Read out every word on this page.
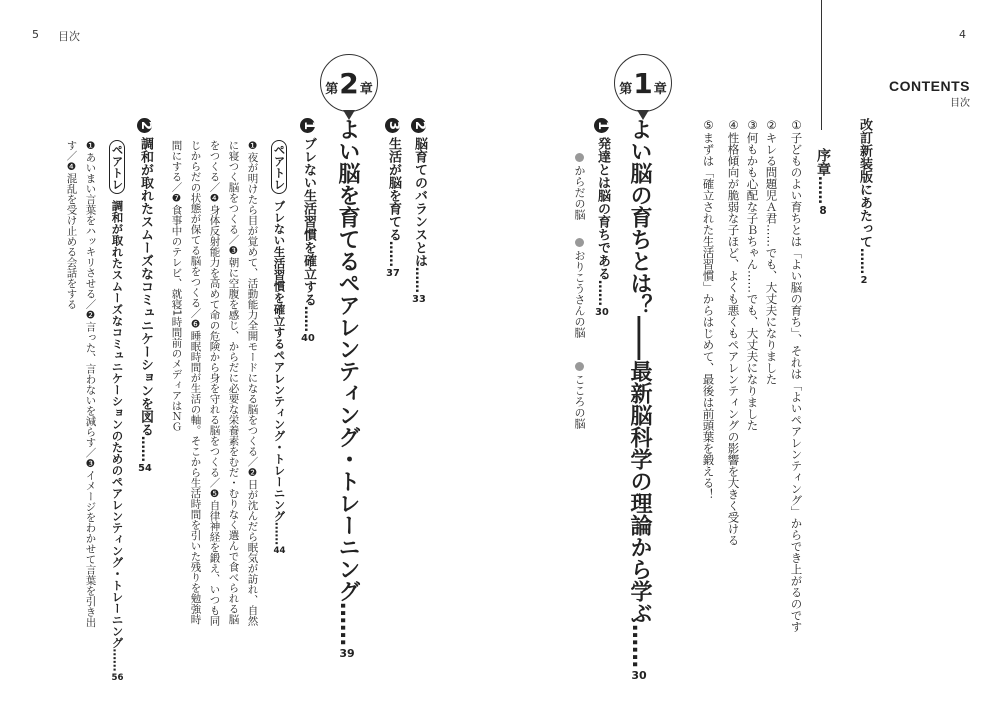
5 目次	4
CONTENTS
目次
改訂新装版にあたって……2
序章……8
①子どものよい育ちとは「よい脳の育ち」、それは「よいペアレンティング」からでき上がるのです
②キレる問題児Ａ君……でも、大丈夫になりました
③何もかも心配な子Ｂちゃん……でも、大丈夫になりました
④性格傾向が脆弱な子ほど、よくも悪くもペアレンティングの影響を大きく受ける
⑤まずは「確立された生活習慣」からはじめて、最後は前頭葉を鍛える！
第 1 章
よい脳の育ちとは？――最新脳科学の理論から学ぶ……30
1発達とは脳の育ちである……30
からだの脳  おりこうさんの脳  こころの脳
2脳育てのバランスとは……33
3生活が脳を育てる……37
第 2 章
よい脳を育てるペアレンティング・トレーニング……39
1ブレない生活習慣を確立する……40
ペアトレブレない生活習慣を確立するペアレンティング・トレーニング……44
❶夜が明けたら目が覚めて、活動能力全開モードになる脳をつくる／❷日が沈んだら眠気が訪れ、自然
に寝つく脳をつくる／❸朝に空腹を感じ、からだに必要な栄養素をむだ・むりなく選んで食べられる脳
をつくる／❹身体反射能力を高めて命の危険から身を守れる脳をつくる／❺自律神経を鍛え、いつも同
じからだの状態が保てる脳をつくる／❻睡眠時間が生活の軸。そこから生活時間を引いた残りを勉強時
間にする／❼食事中のテレビ、就寝1時間前のメディアはＮＧ
2調和が取れたスムーズなコミュニケーションを図る……54
ペアトレ調和が取れたスムーズなコミュニケーションのためのペアレンティング・トレーニング……56
❶あいまい言葉をハッキリさせる／❷言った、言わないを減らす／❸イメージをわかせて言葉を引き出
す／❹混乱を受け止める会話をする
